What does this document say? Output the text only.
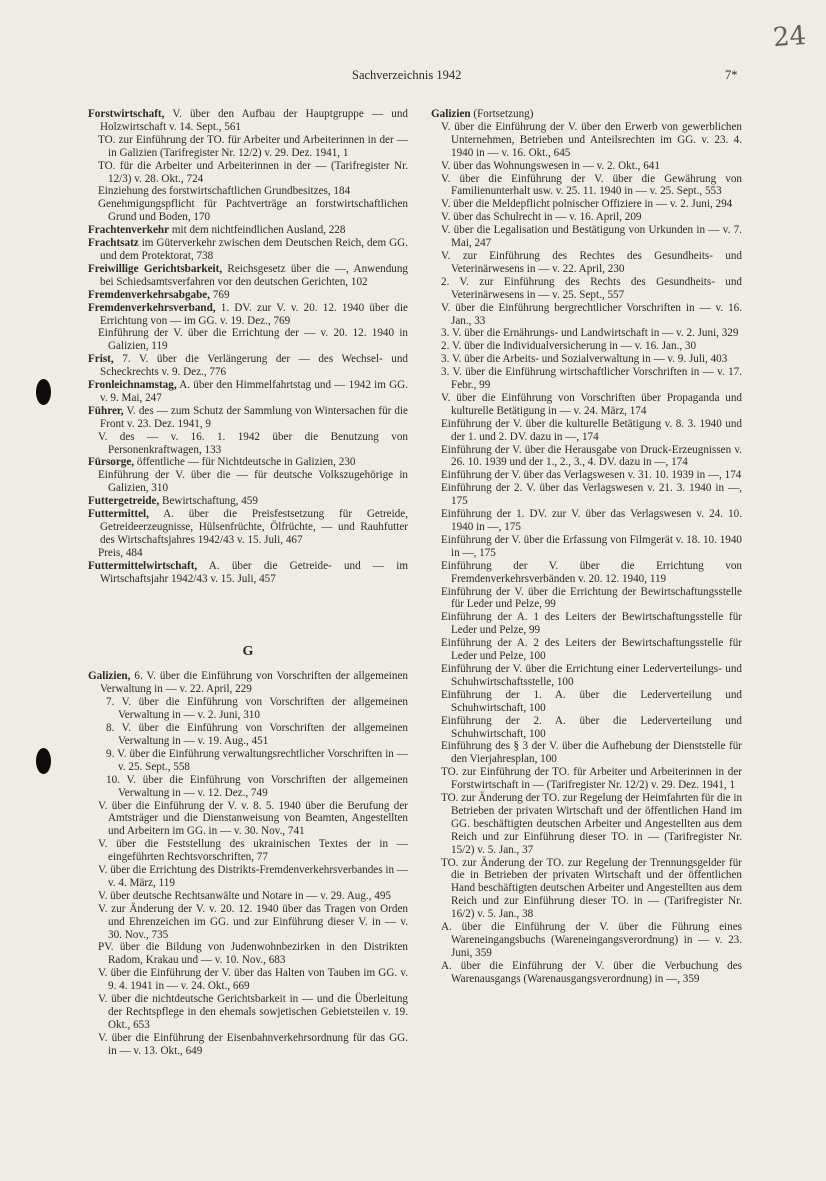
24
Sachverzeichnis 1942	7*

Forstwirtschaft, V. über den Aufbau der Hauptgruppe — und Holzwirtschaft v. 14. Sept., 561

TO. zur Einführung der TO. für Arbeiter und Arbeiterinnen in der — in Galizien (Tarifregister Nr. 12/2) v. 29. Dez. 1941, 1

TO. für die Arbeiter und Arbeiterinnen in der — (Tarifregister Nr. 12/3) v. 28. Okt., 724

Einziehung des forstwirtschaftlichen Grundbesitzes, 184

Genehmigungspflicht für Pachtverträge an forstwirtschaftlichen Grund und Boden, 170

Frachtenverkehr mit dem nichtfeindlichen Ausland, 228

Frachtsatz im Güterverkehr zwischen dem Deutschen Reich, dem GG. und dem Protektorat, 738

Freiwillige Gerichtsbarkeit, Reichsgesetz über die —, Anwendung bei Schiedsamtsverfahren vor den deutschen Gerichten, 102

Fremdenverkehrsabgabe, 769

Fremdenverkehrsverband, 1. DV. zur V. v. 20. 12. 1940 über die Errichtung von — im GG. v. 19. Dez., 769

Einführung der V. über die Errichtung der — v. 20. 12. 1940 in Galizien, 119

Frist, 7. V. über die Verlängerung der — des Wechsel- und Scheckrechts v. 9. Dez., 776

Fronleichnamstag, A. über den Himmelfahrtstag und — 1942 im GG. v. 9. Mai, 247

Führer, V. des — zum Schutz der Sammlung von Wintersachen für die Front v. 23. Dez. 1941, 9

V. des — v. 16. 1. 1942 über die Benutzung von Personenkraftwagen, 133

Fürsorge, öffentliche — für Nichtdeutsche in Galizien, 230

Einführung der V. über die — für deutsche Volkszugehörige in Galizien, 310

Futtergetreide, Bewirtschaftung, 459

Futtermittel, A. über die Preisfestsetzung für Getreide, Getreideerzeugnisse, Hülsenfrüchte, Ölfrüchte, — und Rauhfutter des Wirtschaftsjahres 1942/43 v. 15. Juli, 467

Preis, 484

Futtermittelwirtschaft, A. über die Getreide- und — im Wirtschaftsjahr 1942/43 v. 15. Juli, 457

G

Galizien, 6. V. über die Einführung von Vorschriften der allgemeinen Verwaltung in — v. 22. April, 229

7. V. über die Einführung von Vorschriften der allgemeinen Verwaltung in — v. 2. Juni, 310

8. V. über die Einführung von Vorschriften der allgemeinen Verwaltung in — v. 19. Aug., 451

9. V. über die Einführung verwaltungsrechtlicher Vorschriften in — v. 25. Sept., 558

10. V. über die Einführung von Vorschriften der allgemeinen Verwaltung in — v. 12. Dez., 749

V. über die Einführung der V. v. 8. 5. 1940 über die Berufung der Amtsträger und die Dienstanweisung von Beamten, Angestellten und Arbeitern im GG. in — v. 30. Nov., 741

V. über die Feststellung des ukrainischen Textes der in — eingeführten Rechtsvorschriften, 77

V. über die Errichtung des Distrikts-Fremdenverkehrsverbandes in — v. 4. März, 119

V. über deutsche Rechtsanwälte und Notare in — v. 29. Aug., 495

V. zur Änderung der V. v. 20. 12. 1940 über das Tragen von Orden und Ehrenzeichen im GG. und zur Einführung dieser V. in — v. 30. Nov., 735

PV. über die Bildung von Judenwohnbezirken in den Distrikten Radom, Krakau und — v. 10. Nov., 683

V. über die Einführung der V. über das Halten von Tauben im GG. v. 9. 4. 1941 in — v. 24. Okt., 669

V. über die nichtdeutsche Gerichtsbarkeit in — und die Überleitung der Rechtspflege in den ehemals sowjetischen Gebietsteilen v. 19. Okt., 653

V. über die Einführung der Eisenbahnverkehrsordnung für das GG. in — v. 13. Okt., 649

Galizien (Fortsetzung)

V. über die Einführung der V. über den Erwerb von gewerblichen Unternehmen, Betrieben und Anteilsrechten im GG. v. 23. 4. 1940 in — v. 16. Okt., 645

V. über das Wohnungswesen in — v. 2. Okt., 641

V. über die Einführung der V. über die Gewährung von Familienunterhalt usw. v. 25. 11. 1940 in — v. 25. Sept., 553

V. über die Meldepflicht polnischer Offiziere in — v. 2. Juni, 294

V. über das Schulrecht in — v. 16. April, 209

V. über die Legalisation und Bestätigung von Urkunden in — v. 7. Mai, 247

V. zur Einführung des Rechtes des Gesundheits- und Veterinärwesens in — v. 22. April, 230

2. V. zur Einführung des Rechts des Gesundheits- und Veterinärwesens in — v. 25. Sept., 557

V. über die Einführung bergrechtlicher Vorschriften in — v. 16. Jan., 33

3. V. über die Ernährungs- und Landwirtschaft in — v. 2. Juni, 329

2. V. über die Individualversicherung in — v. 16. Jan., 30

3. V. über die Arbeits- und Sozialverwaltung in — v. 9. Juli, 403

3. V. über die Einführung wirtschaftlicher Vorschriften in — v. 17. Febr., 99

V. über die Einführung von Vorschriften über Propaganda und kulturelle Betätigung in — v. 24. März, 174

Einführung der V. über die kulturelle Betätigung v. 8. 3. 1940 und der 1. und 2. DV. dazu in —, 174

Einführung der V. über die Herausgabe von Druck-Erzeugnissen v. 26. 10. 1939 und der 1., 2., 3., 4. DV. dazu in —, 174

Einführung der V. über das Verlagswesen v. 31. 10. 1939 in —, 174

Einführung der 2. V. über das Verlagswesen v. 21. 3. 1940 in —, 175

Einführung der 1. DV. zur V. über das Verlagswesen v. 24. 10. 1940 in —, 175

Einführung der V. über die Erfassung von Filmgerät v. 18. 10. 1940 in —, 175

Einführung der V. über die Errichtung von Fremdenverkehrsverbänden v. 20. 12. 1940, 119

Einführung der V. über die Errichtung der Bewirtschaftungsstelle für Leder und Pelze, 99

Einführung der A. 1 des Leiters der Bewirtschaftungsstelle für Leder und Pelze, 99

Einführung der A. 2 des Leiters der Bewirtschaftungsstelle für Leder und Pelze, 100

Einführung der V. über die Errichtung einer Lederverteilungs- und Schuhwirtschaftsstelle, 100

Einführung der 1. A. über die Lederverteilung und Schuhwirtschaft, 100

Einführung der 2. A. über die Lederverteilung und Schuhwirtschaft, 100

Einführung des § 3 der V. über die Aufhebung der Dienststelle für den Vierjahresplan, 100

TO. zur Einführung der TO. für Arbeiter und Arbeiterinnen in der Forstwirtschaft in — (Tarifregister Nr. 12/2) v. 29. Dez. 1941, 1

TO. zur Änderung der TO. zur Regelung der Heimfahrten für die in Betrieben der privaten Wirtschaft und der öffentlichen Hand im GG. beschäftigten deutschen Arbeiter und Angestellten aus dem Reich und zur Einführung dieser TO. in — (Tarifregister Nr. 15/2) v. 5. Jan., 37

TO. zur Änderung der TO. zur Regelung der Trennungsgelder für die in Betrieben der privaten Wirtschaft und der öffentlichen Hand beschäftigten deutschen Arbeiter und Angestellten aus dem Reich und zur Einführung dieser TO. in — (Tarifregister Nr. 16/2) v. 5. Jan., 38

A. über die Einführung der V. über die Führung eines Wareneingangsbuchs (Wareneingangsverordnung) in — v. 23. Juni, 359

A. über die Einführung der V. über die Verbuchung des Warenausgangs (Warenausgangsverordnung) in —, 359
